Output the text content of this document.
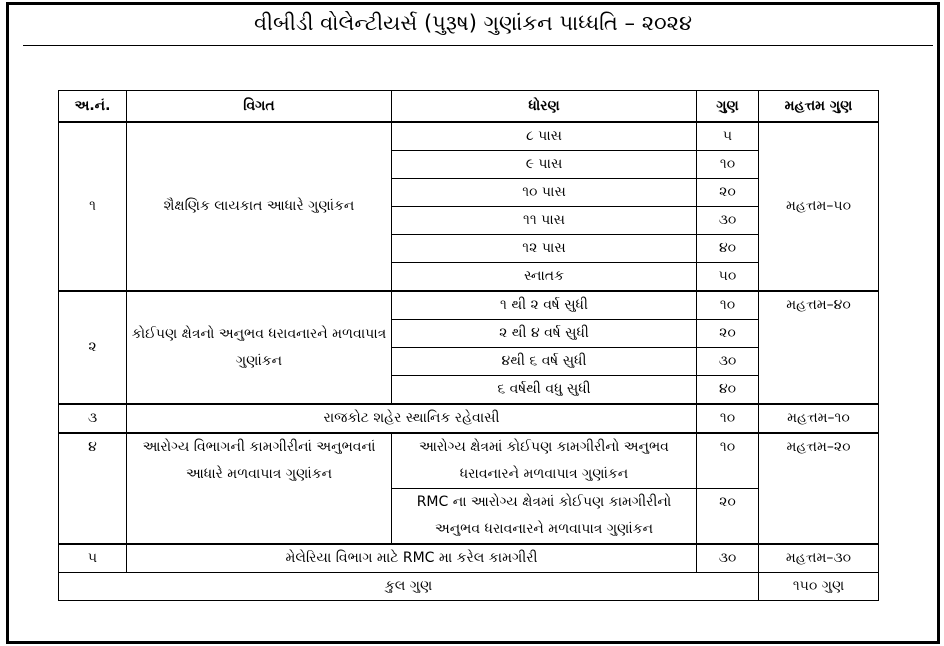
વીબીડી વોલેન્ટીયર્સ (પુરૂષ) ગુણાંકન પાધ્ધતિ – ૨૦૨૪
અ.નં.	વિગત	ધોરણ	ગુણ	મહત્તમ ગુણ
૧	શૈક્ષણિક લાયકાત આધારે ગુણાંકન	૮ પાસ	૫	મહત્તમ–૫૦
		૯ પાસ	૧૦	
		૧૦ પાસ	૨૦	
		૧૧ પાસ	૩૦	
		૧૨ પાસ	૪૦	
		સ્નાતક	૫૦	
૨	કોઈપણ ક્ષેત્રનો અનુભવ ધરાવનારને મળવાપાત્ર ગુણાંકન	૧ થી ૨ વર્ષ સુધી	૧૦	મહત્તમ–૪૦
		૨ થી ૪ વર્ષ સુધી	૨૦	
		૪થી ૬ વર્ષ સુધી	૩૦	
		૬ વર્ષથી વધુ સુધી	૪૦	
૩	રાજકોટ શહેર સ્થાનિક રહેવાસી		૧૦	મહત્તમ–૧૦
૪	આરોગ્ય વિભાગની કામગીરીનાં અનુભવનાં આધારે મળવાપાત્ર ગુણાંકન	આરોગ્ય ક્ષેત્રમાં કોઈપણ કામગીરીનો અનુભવ ધરાવનારને મળવાપાત્ર ગુણાંકન	૧૦	મહત્તમ–૨૦
		RMC ના આરોગ્ય ક્ષેત્રમાં કોઈપણ કામગીરીનો અનુભવ ધરાવનારને મળવાપાત્ર ગુણાંકન	૨૦	
૫	મેલેરિયા વિભાગ માટે RMC મા કરેલ કામગીરી		૩૦	મહત્તમ–૩૦
કુલ ગુણ				૧૫૦ ગુણ
